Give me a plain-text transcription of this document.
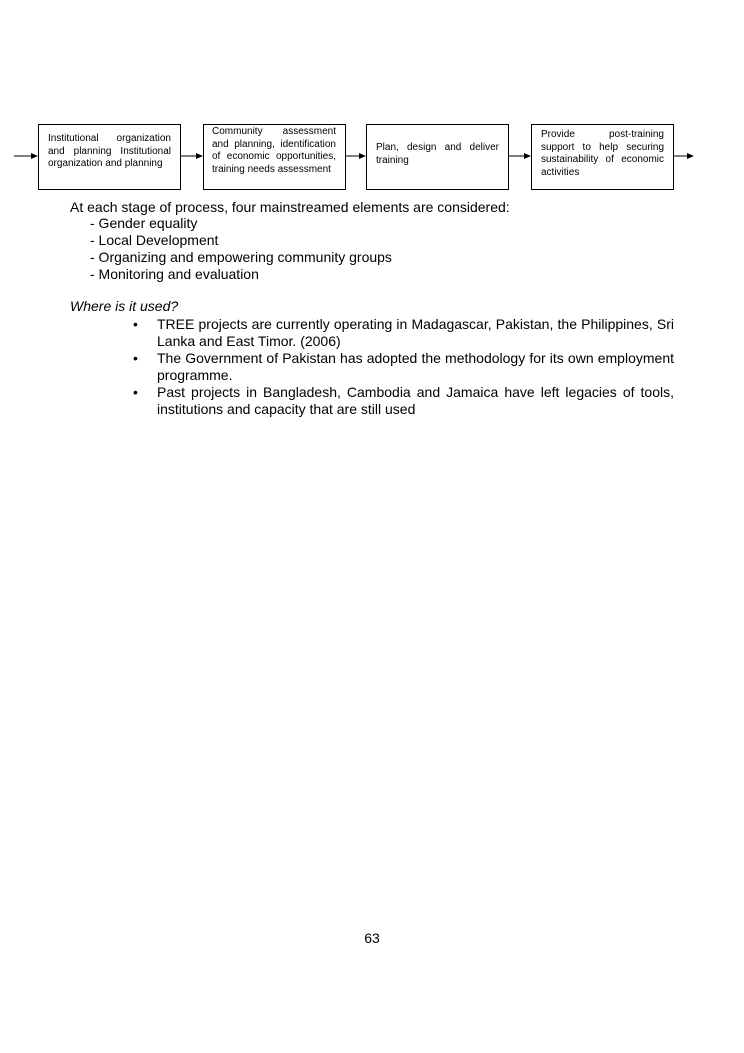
Institutional organization and planning Institutional organization and planning
Community assessment and planning, identification of economic opportunities, training needs assessment
Plan, design and deliver training
Provide post-training support to help securing sustainability of economic activities
At each stage of process, four mainstreamed elements are considered:
- Gender equality
- Local Development
- Organizing and empowering community groups
- Monitoring and evaluation
Where is it used?
• TREE projects are currently operating in Madagascar, Pakistan, the Philippines, Sri Lanka and East Timor. (2006)
• The Government of Pakistan has adopted the methodology for its own employment programme.
• Past projects in Bangladesh, Cambodia and Jamaica have left legacies of tools, institutions and capacity that are still used
63
